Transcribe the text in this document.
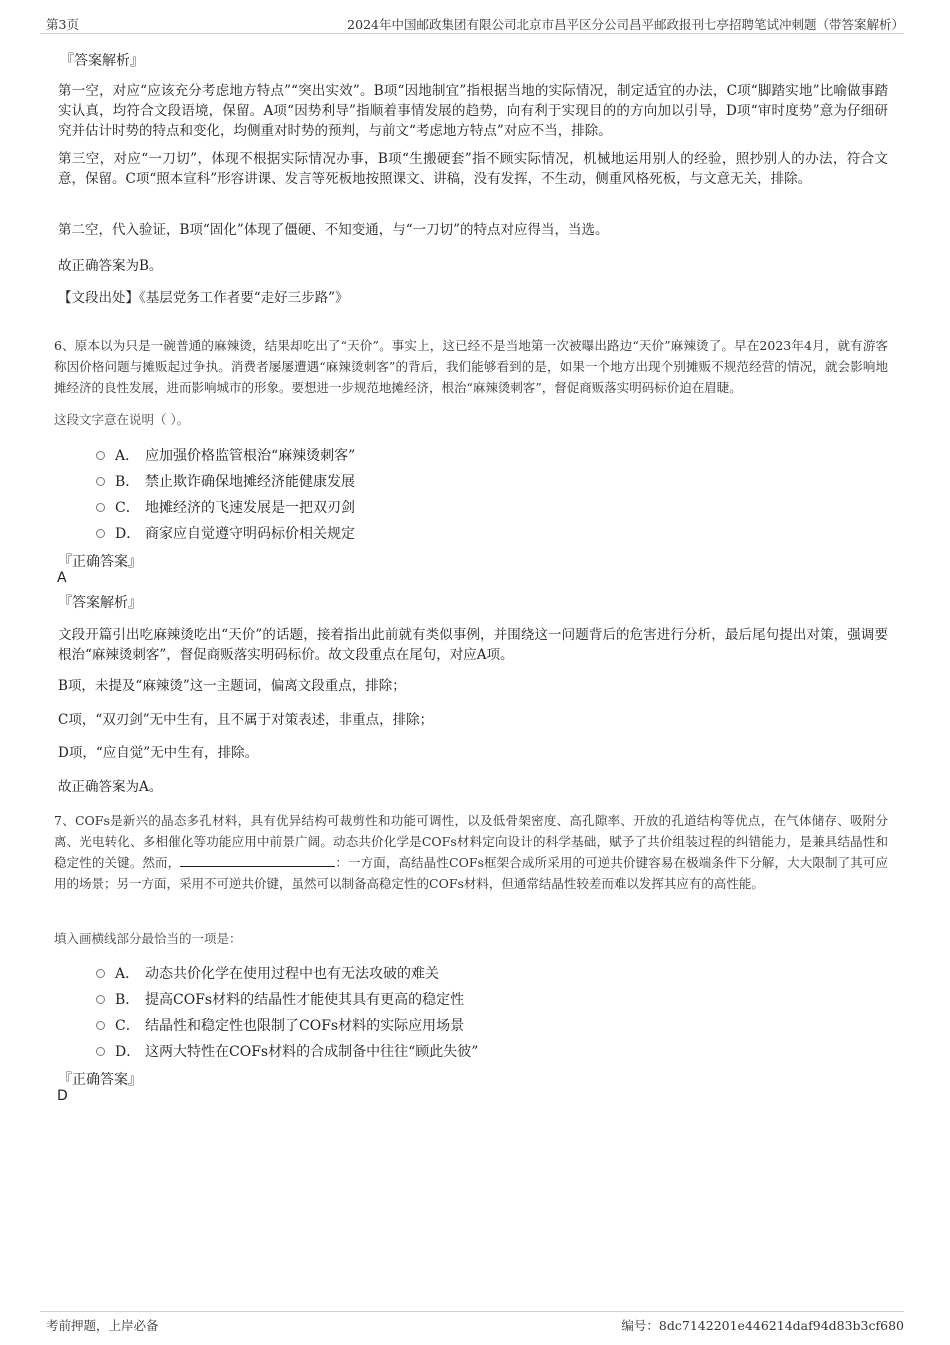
第3页	2024年中国邮政集团有限公司北京市昌平区分公司昌平邮政报刊七亭招聘笔试冲刺题（带答案解析）
『答案解析』
第一空，对应“应该充分考虑地方特点”“突出实效”。B项“因地制宜”指根据当地的实际情况，制定适宜的办法，C项“脚踏实地”比喻做事踏实认真，均符合文段语境，保留。A项“因势利导”指顺着事情发展的趋势，向有利于实现目的的方向加以引导，D项“审时度势”意为仔细研究并估计时势的特点和变化，均侧重对时势的预判，与前文“考虑地方特点”对应不当，排除。
第三空，对应“一刀切”，体现不根据实际情况办事，B项“生搬硬套”指不顾实际情况，机械地运用别人的经验，照抄别人的办法，符合文意，保留。C项“照本宣科”形容讲课、发言等死板地按照课文、讲稿，没有发挥，不生动，侧重风格死板，与文意无关，排除。
第二空，代入验证，B项“固化”体现了僵硬、不知变通，与“一刀切”的特点对应得当，当选。
故正确答案为B。
【文段出处】《基层党务工作者要“走好三步路”》
6、原本以为只是一碗普通的麻辣烫，结果却吃出了“天价”。事实上，这已经不是当地第一次被曝出路边“天价”麻辣烫了。早在2023年4月，就有游客称因价格问题与摊贩起过争执。消费者屡屡遭遇“麻辣烫刺客”的背后，我们能够看到的是，如果一个地方出现个别摊贩不规范经营的情况，就会影响地摊经济的良性发展，进而影响城市的形象。要想进一步规范地摊经济，根治“麻辣烫刺客”，督促商贩落实明码标价迫在眉睫。
这段文字意在说明（ ）。
A． 应加强价格监管根治“麻辣烫刺客”
B． 禁止欺诈确保地摊经济能健康发展
C． 地摊经济的飞速发展是一把双刃剑
D． 商家应自觉遵守明码标价相关规定
『正确答案』
A
『答案解析』
文段开篇引出吃麻辣烫吃出“天价”的话题，接着指出此前就有类似事例，并围绕这一问题背后的危害进行分析，最后尾句提出对策，强调要根治“麻辣烫刺客”，督促商贩落实明码标价。故文段重点在尾句，对应A项。
B项，未提及“麻辣烫”这一主题词，偏离文段重点，排除；
C项，“双刃剑”无中生有，且不属于对策表述，非重点，排除；
D项，“应自觉”无中生有，排除。
故正确答案为A。
7、COFs是新兴的晶态多孔材料，具有优异结构可裁剪性和功能可调性，以及低骨架密度、高孔隙率、开放的孔道结构等优点，在气体储存、吸附分离、光电转化、多相催化等功能应用中前景广阔。动态共价化学是COFs材料定向设计的科学基础，赋予了共价组装过程的纠错能力，是兼具结晶性和稳定性的关键。然而，	：一方面，高结晶性COFs框架合成所采用的可逆共价键容易在极端条件下分解，大大限制了其可应用的场景；另一方面，采用不可逆共价键，虽然可以制备高稳定性的COFs材料，但通常结晶性较差而难以发挥其应有的高性能。
填入画横线部分最恰当的一项是：
A． 动态共价化学在使用过程中也有无法攻破的难关
B． 提高COFs材料的结晶性才能使其具有更高的稳定性
C． 结晶性和稳定性也限制了COFs材料的实际应用场景
D． 这两大特性在COFs材料的合成制备中往往“顾此失彼”
『正确答案』
D
考前押题，上岸必备	编号：8dc7142201e446214daf94d83b3cf680
